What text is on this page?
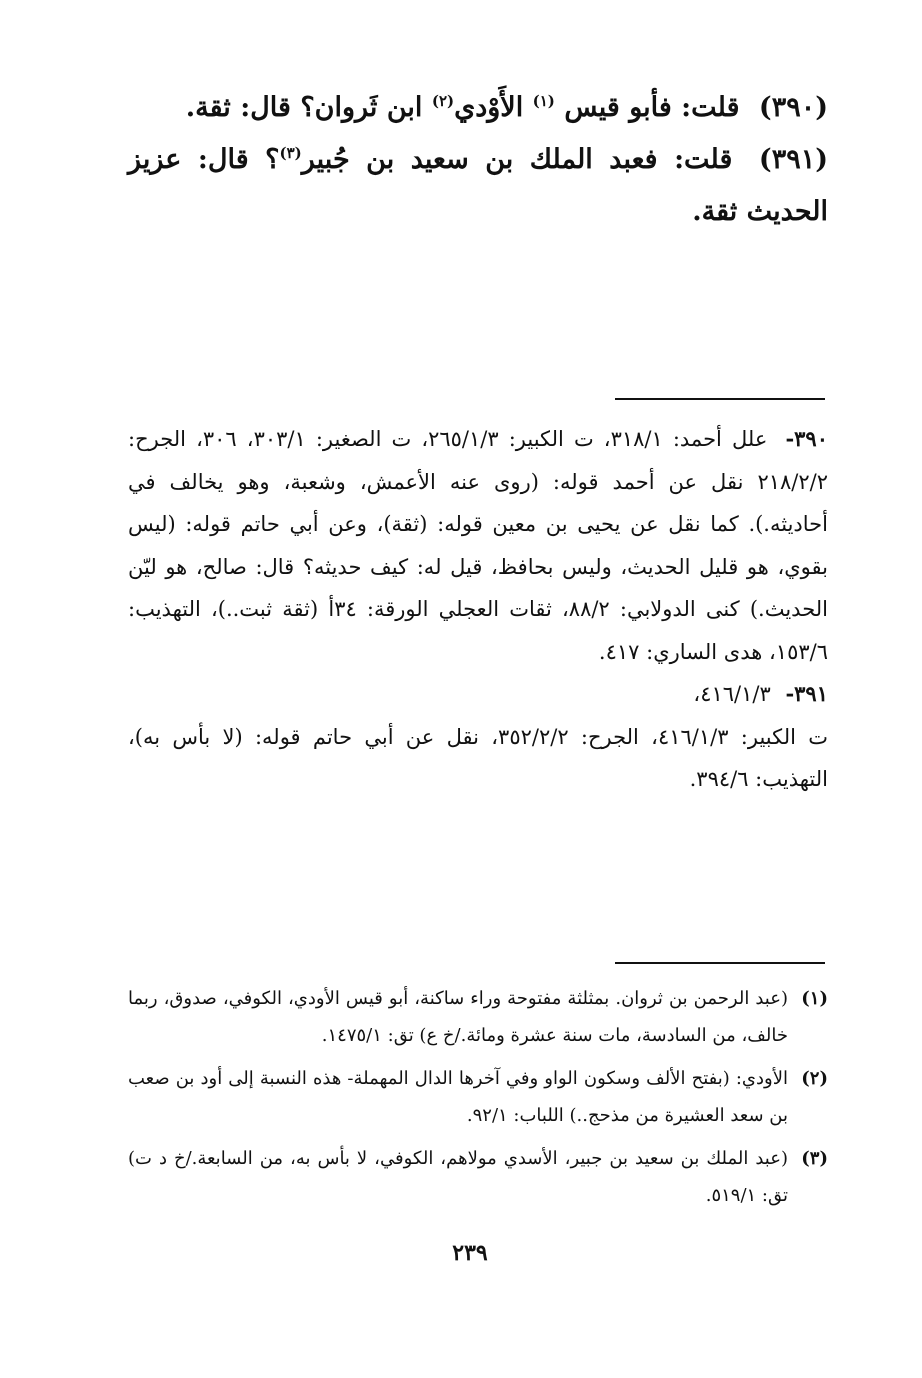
(٣٩٠) قلت: فأبو قيس $^{(١)}$ الأَوْدي$^{(٢)}$ ابن ثَروان؟ قال: ثقة.

(٣٩١) قلت: فعبد الملك بن سعيد بن جُبير$^{(٣)}$؟ قال: عزيز الحديث ثقة.

٣٩٠- علل أحمد: ٣١٨/١، ت الكبير: ٢٦٥/١/٣، ت الصغير: ٣٠٣/١، ٣٠٦، الجرح: ٢١٨/٢/٢ نقل عن أحمد قوله: (روى عنه الأعمش، وشعبة، وهو يخالف في أحاديثه.). كما نقل عن يحيى بن معين قوله: (ثقة)، وعن أبي حاتم قوله: (ليس بقوي، هو قليل الحديث، وليس بحافظ، قيل له: كيف حديثه؟ قال: صالح، هو ليّن الحديث.) كنى الدولابي: ٨٨/٢، ثقات العجلي الورقة: ٣٤أ (ثقة ثبت..)، التهذيب: ١٥٣/٦، هدى الساري: ٤١٧.

٣٩١- ٤١٦/١/٣،
ت الكبير: ٤١٦/١/٣، الجرح: ٣٥٢/٢/٢، نقل عن أبي حاتم قوله: (لا بأس به)، التهذيب: ٣٩٤/٦.

(١)
(عبد الرحمن بن ثروان. بمثلثة مفتوحة وراء ساكنة، أبو قيس الأودي، الكوفي، صدوق، ربما خالف، من السادسة، مات سنة عشرة ومائة./خ ع) تق: ١٤٧٥/١.
(٢)
الأودي: (بفتح الألف وسكون الواو وفي آخرها الدال المهملة- هذه النسبة إلى أود بن صعب بن سعد العشيرة من مذحج..) اللباب: ٩٢/١.
(٣)
(عبد الملك بن سعيد بن جبير، الأسدي مولاهم، الكوفي، لا بأس به، من السابعة./خ د ت) تق: ٥١٩/١.
٢٣٩
